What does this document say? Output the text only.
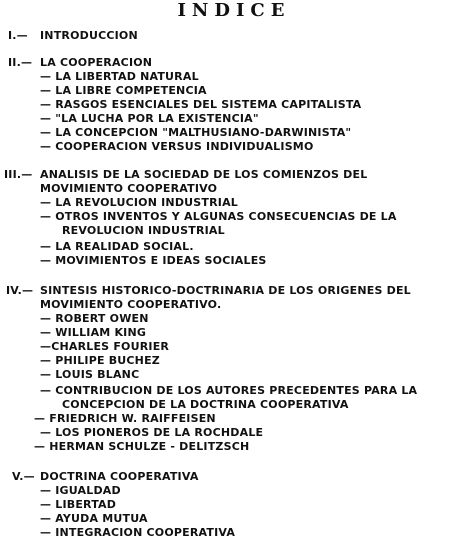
INDICE
I.— INTRODUCCION
II.— LA COOPERACION
— LA LIBERTAD NATURAL
— LA LIBRE COMPETENCIA
— RASGOS ESENCIALES DEL SISTEMA CAPITALISTA
— "LA LUCHA POR LA EXISTENCIA"
— LA CONCEPCION "MALTHUSIANO-DARWINISTA"
— COOPERACION VERSUS INDIVIDUALISMO
III.— ANALISIS DE LA SOCIEDAD DE LOS COMIENZOS DEL
MOVIMIENTO COOPERATIVO
— LA REVOLUCION INDUSTRIAL
— OTROS INVENTOS Y ALGUNAS CONSECUENCIAS DE LA
REVOLUCION INDUSTRIAL
— LA REALIDAD SOCIAL.
— MOVIMIENTOS E IDEAS SOCIALES
IV.— SINTESIS HISTORICO-DOCTRINARIA DE LOS ORIGENES DEL
MOVIMIENTO COOPERATIVO.
— ROBERT OWEN
— WILLIAM KING
—CHARLES FOURIER
— PHILIPE BUCHEZ
— LOUIS BLANC
— CONTRIBUCION DE LOS AUTORES PRECEDENTES PARA LA
CONCEPCION DE LA DOCTRINA COOPERATIVA
— FRIEDRICH W. RAIFFEISEN
— LOS PIONEROS DE LA ROCHDALE
— HERMAN SCHULZE - DELITZSCH
V.— DOCTRINA COOPERATIVA
— IGUALDAD
— LIBERTAD
— AYUDA MUTUA
— INTEGRACION COOPERATIVA
